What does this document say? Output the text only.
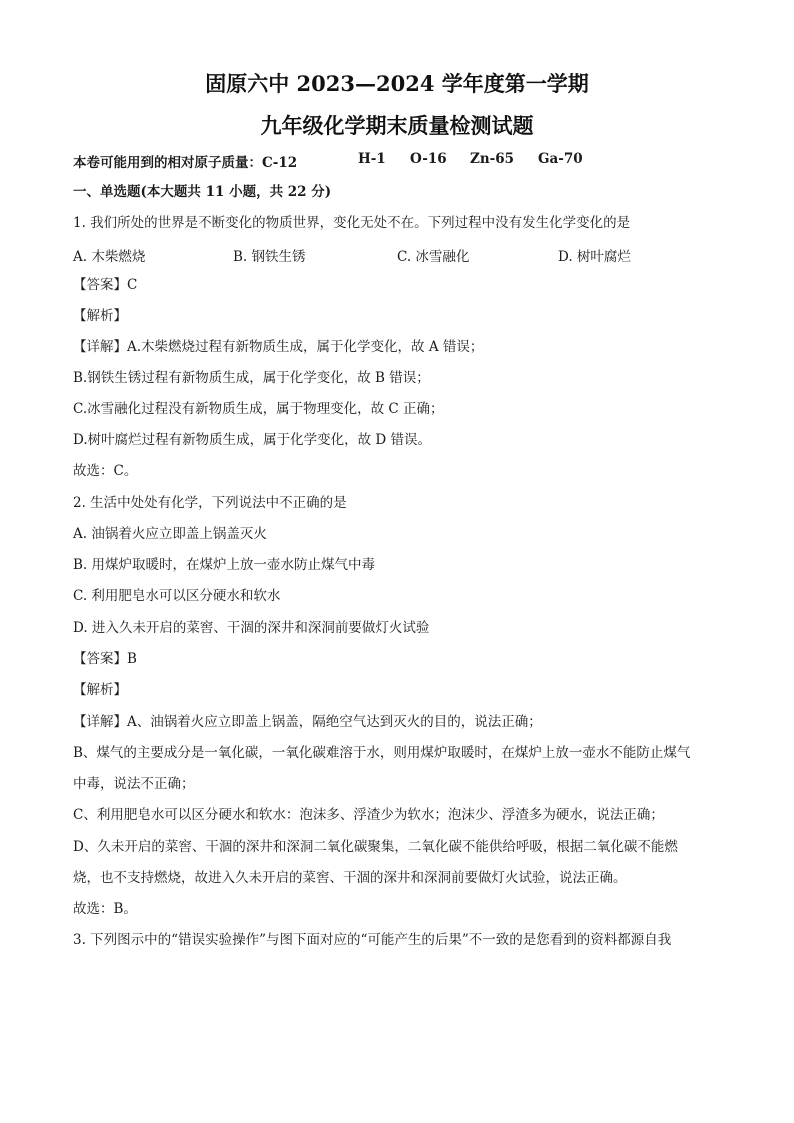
固原六中 2023—2024 学年度第一学期
九年级化学期末质量检测试题
本卷可能用到的相对原子质量：C-12	H-1 O-16 Zn-65 Ga-70
一、单选题(本大题共 11 小题，共 22 分)
1. 我们所处的世界是不断变化的物质世界，变化无处不在。下列过程中没有发生化学变化的是
A. 木柴燃烧	B. 钢铁生锈	C. 冰雪融化	D. 树叶腐烂
【答案】C
【解析】
【详解】A.木柴燃烧过程有新物质生成，属于化学变化，故 A 错误；
B.钢铁生锈过程有新物质生成，属于化学变化，故 B 错误；
C.冰雪融化过程没有新物质生成，属于物理变化，故 C 正确；
D.树叶腐烂过程有新物质生成，属于化学变化，故 D 错误。
故选：C。
2. 生活中处处有化学，下列说法中不正确的是
A. 油锅着火应立即盖上锅盖灭火
B. 用煤炉取暖时，在煤炉上放一壶水防止煤气中毒
C. 利用肥皂水可以区分硬水和软水
D. 进入久未开启的菜窖、干涸的深井和深洞前要做灯火试验
【答案】B
【解析】
【详解】A、油锅着火应立即盖上锅盖，隔绝空气达到灭火的目的，说法正确；
B、煤气的主要成分是一氧化碳，一氧化碳难溶于水，则用煤炉取暖时，在煤炉上放一壶水不能防止煤气
中毒，说法不正确；
C、利用肥皂水可以区分硬水和软水：泡沫多、浮渣少为软水；泡沫少、浮渣多为硬水，说法正确；
D、久未开启的菜窖、干涸的深井和深洞二氧化碳聚集，二氧化碳不能供给呼吸，根据二氧化碳不能燃
烧，也不支持燃烧，故进入久未开启的菜窖、干涸的深井和深洞前要做灯火试验，说法正确。
故选：B。
3. 下列图示中的“错误实验操作”与图下面对应的“可能产生的后果”不一致的是您看到的资料都源自我
